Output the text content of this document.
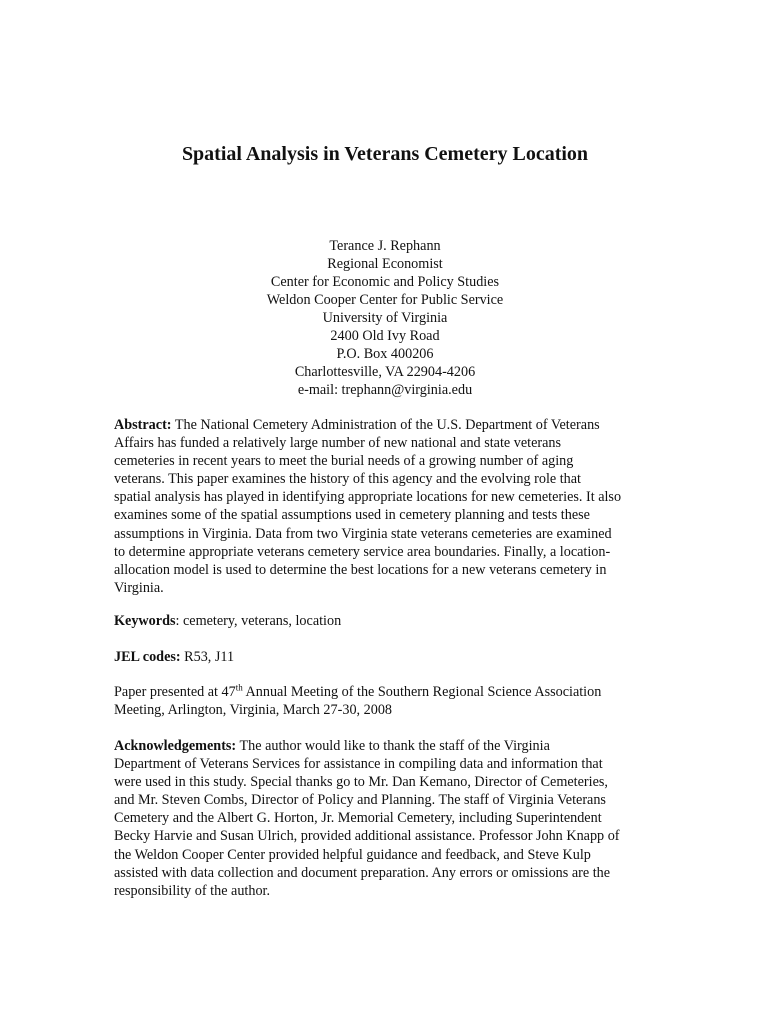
Spatial Analysis in Veterans Cemetery Location
Terance J. Rephann
Regional Economist
Center for Economic and Policy Studies
Weldon Cooper Center for Public Service
University of Virginia
2400 Old Ivy Road
P.O. Box 400206
Charlottesville, VA 22904-4206
e-mail: trephann@virginia.edu
Abstract: The National Cemetery Administration of the U.S. Department of Veterans
Affairs has funded a relatively large number of new national and state veterans
cemeteries in recent years to meet the burial needs of a growing number of aging
veterans. This paper examines the history of this agency and the evolving role that
spatial analysis has played in identifying appropriate locations for new cemeteries. It also
examines some of the spatial assumptions used in cemetery planning and tests these
assumptions in Virginia. Data from two Virginia state veterans cemeteries are examined
to determine appropriate veterans cemetery service area boundaries. Finally, a location-
allocation model is used to determine the best locations for a new veterans cemetery in
Virginia.
Keywords: cemetery, veterans, location
JEL codes: R53, J11
Paper presented at 47th Annual Meeting of the Southern Regional Science Association
Meeting, Arlington, Virginia, March 27-30, 2008
Acknowledgements: The author would like to thank the staff of the Virginia
Department of Veterans Services for assistance in compiling data and information that
were used in this study. Special thanks go to Mr. Dan Kemano, Director of Cemeteries,
and Mr. Steven Combs, Director of Policy and Planning. The staff of Virginia Veterans
Cemetery and the Albert G. Horton, Jr. Memorial Cemetery, including Superintendent
Becky Harvie and Susan Ulrich, provided additional assistance. Professor John Knapp of
the Weldon Cooper Center provided helpful guidance and feedback, and Steve Kulp
assisted with data collection and document preparation. Any errors or omissions are the
responsibility of the author.
